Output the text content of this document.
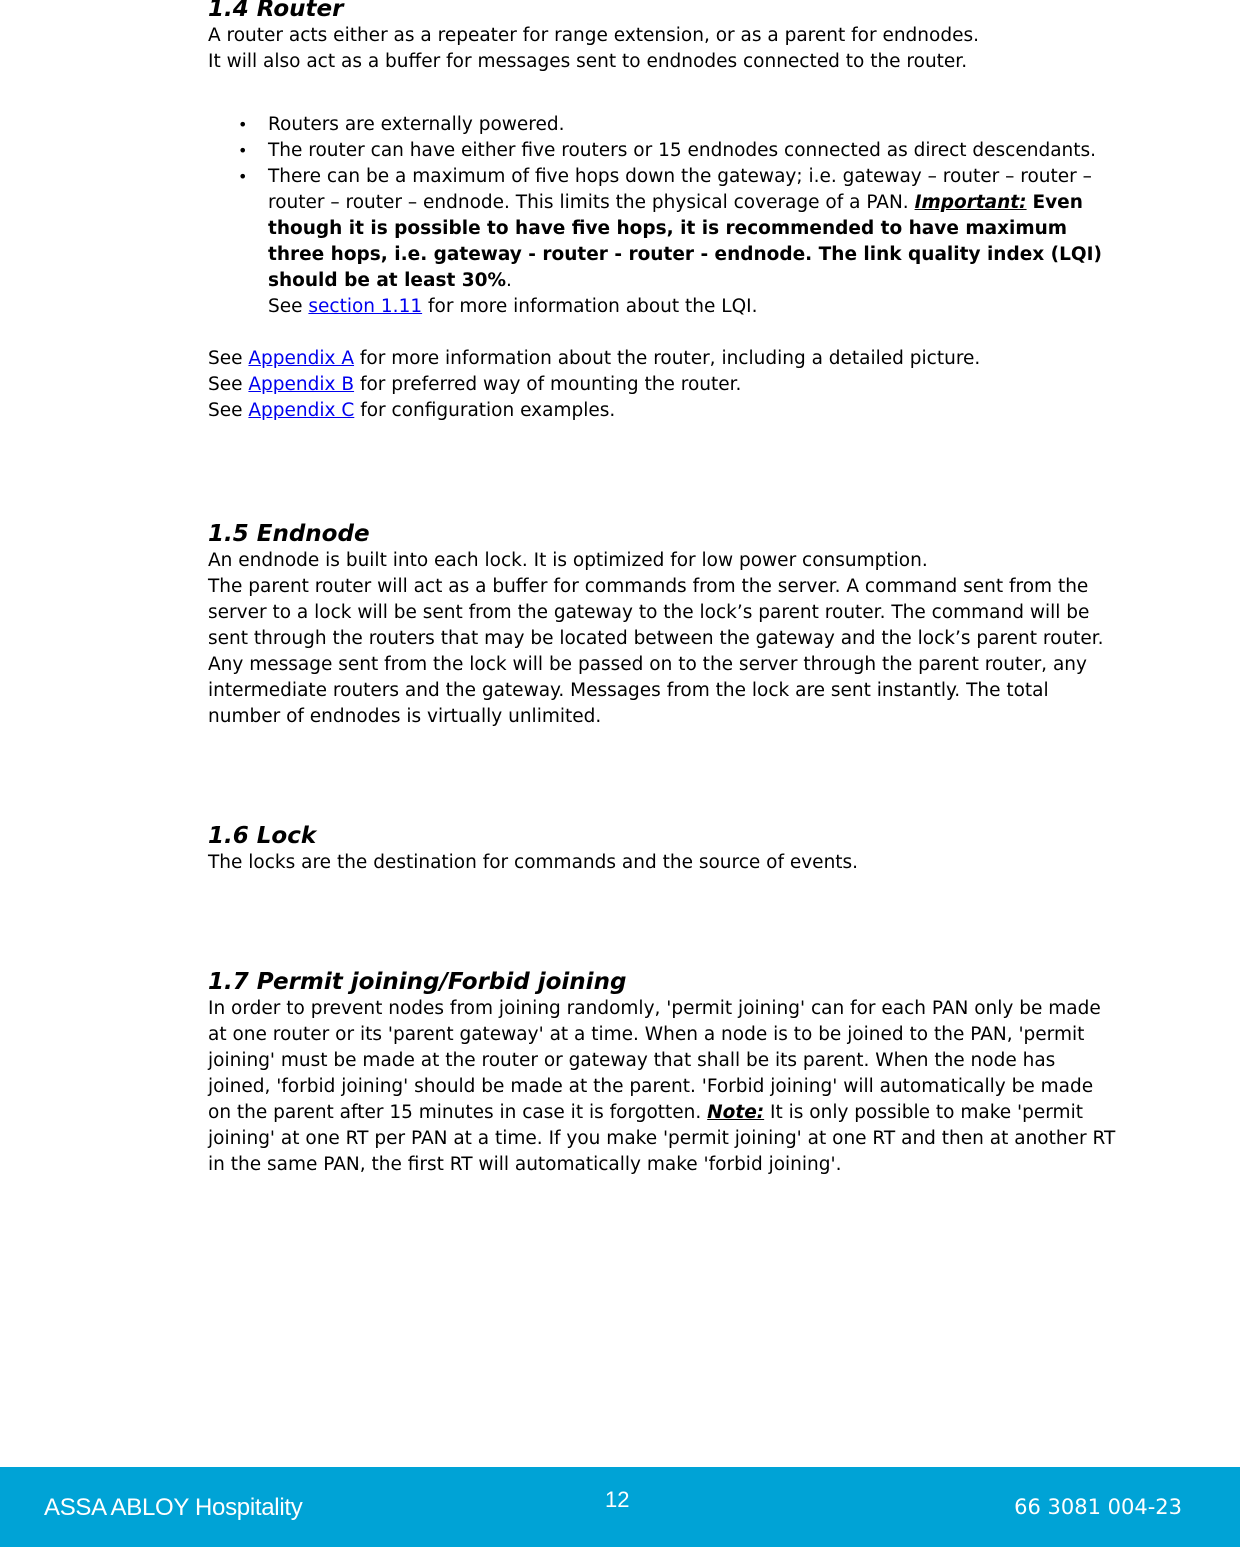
1.4 Router

A router acts either as a repeater for range extension, or as a parent for endnodes.

It will also act as a buffer for messages sent to endnodes connected to the router.

• Routers are externally powered.
• The router can have either five routers or 15 endnodes connected as direct descendants.
• There can be a maximum of five hops down the gateway; i.e. gateway – router – router – router – router – endnode. This limits the physical coverage of a PAN. Important: Even though it is possible to have five hops, it is recommended to have maximum three hops, i.e. gateway - router - router - endnode. The link quality index (LQI) should be at least 30%.
See section 1.11 for more information about the LQI.

See Appendix A for more information about the router, including a detailed picture.

See Appendix B for preferred way of mounting the router.

See Appendix C for configuration examples.

1.5 Endnode

An endnode is built into each lock. It is optimized for low power consumption.

The parent router will act as a buffer for commands from the server. A command sent from the server to a lock will be sent from the gateway to the lock’s parent router. The command will be sent through the routers that may be located between the gateway and the lock’s parent router. Any message sent from the lock will be passed on to the server through the parent router, any intermediate routers and the gateway. Messages from the lock are sent instantly. The total number of endnodes is virtually unlimited.

1.6 Lock

The locks are the destination for commands and the source of events.

1.7 Permit joining/Forbid joining

In order to prevent nodes from joining randomly, 'permit joining' can for each PAN only be made at one router or its 'parent gateway' at a time. When a node is to be joined to the PAN, 'permit joining' must be made at the router or gateway that shall be its parent. When the node has joined, 'forbid joining' should be made at the parent. 'Forbid joining' will automatically be made on the parent after 15 minutes in case it is forgotten. Note: It is only possible to make 'permit joining' at one RT per PAN at a time. If you make 'permit joining' at one RT and then at another RT in the same PAN, the first RT will automatically make 'forbid joining'.

ASSA ABLOY Hospitality	12	66 3081 004-23
